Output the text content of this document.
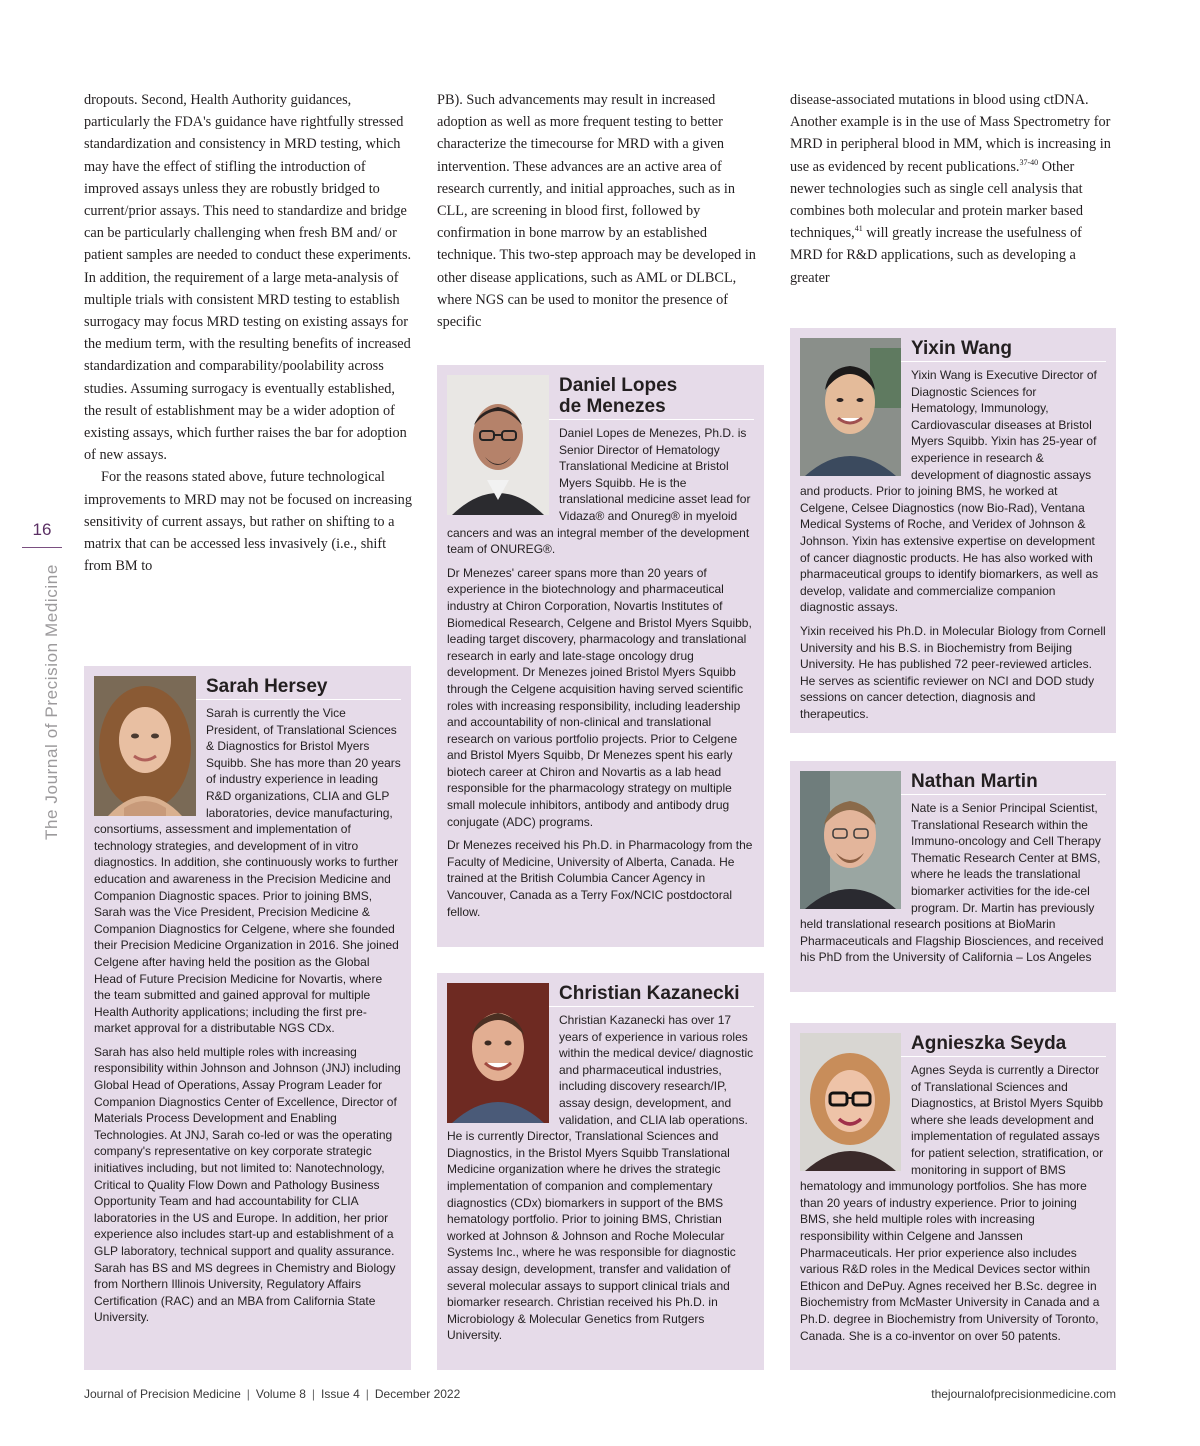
16
The Journal of Precision Medicine

dropouts. Second, Health Authority guidances, particularly the FDA's guidance have rightfully stressed standardization and consistency in MRD testing, which may have the effect of stifling the introduction of improved assays unless they are robustly bridged to current/prior assays. This need to standardize and bridge can be particularly challenging when fresh BM and/ or patient samples are needed to conduct these experiments. In addition, the requirement of a large meta-analysis of multiple trials with consistent MRD testing to establish surrogacy may focus MRD testing on existing assays for the medium term, with the resulting benefits of increased standardization and comparability/poolability across studies. Assuming surrogacy is eventually established, the result of establishment may be a wider adoption of existing assays, which further raises the bar for adoption of new assays.

For the reasons stated above, future technological improvements to MRD may not be focused on increasing sensitivity of current assays, but rather on shifting to a matrix that can be accessed less invasively (i.e., shift from BM to

PB). Such advancements may result in increased adoption as well as more frequent testing to better characterize the timecourse for MRD with a given intervention. These advances are an active area of research currently, and initial approaches, such as in CLL, are screening in blood first, followed by confirmation in bone marrow by an established technique. This two-step approach may be developed in other disease applications, such as AML or DLBCL, where NGS can be used to monitor the presence of specific

disease-associated mutations in blood using ctDNA. Another example is in the use of Mass Spectrometry for MRD in peripheral blood in MM, which is increasing in use as evidenced by recent publications.$^{37-40}$ Other newer technologies such as single cell analysis that combines both molecular and protein marker based techniques,$^{41}$ will greatly increase the usefulness of MRD for R&D applications, such as developing a greater

Sarah Hersey

Sarah is currently the Vice President, of Translational Sciences & Diagnostics for Bristol Myers Squibb. She has more than 20 years of industry experience in leading R&D organizations, CLIA and GLP laboratories, device manufacturing, consortiums, assessment and implementation of technology strategies, and development of in vitro diagnostics. In addition, she continuously works to further education and awareness in the Precision Medicine and Companion Diagnostic spaces. Prior to joining BMS, Sarah was the Vice President, Precision Medicine & Companion Diagnostics for Celgene, where she founded their Precision Medicine Organization in 2016. She joined Celgene after having held the position as the Global Head of Future Precision Medicine for Novartis, where the team submitted and gained approval for multiple Health Authority applications; including the first pre-market approval for a distributable NGS CDx.

Sarah has also held multiple roles with increasing responsibility within Johnson and Johnson (JNJ) including Global Head of Operations, Assay Program Leader for Companion Diagnostics Center of Excellence, Director of Materials Process Development and Enabling Technologies. At JNJ, Sarah co-led or was the operating company's representative on key corporate strategic initiatives including, but not limited to: Nanotechnology, Critical to Quality Flow Down and Pathology Business Opportunity Team and had accountability for CLIA laboratories in the US and Europe. In addition, her prior experience also includes start-up and establishment of a GLP laboratory, technical support and quality assurance. Sarah has BS and MS degrees in Chemistry and Biology from Northern Illinois University, Regulatory Affairs Certification (RAC) and an MBA from California State University.

Daniel Lopes
de Menezes

Daniel Lopes de Menezes, Ph.D. is Senior Director of Hematology Translational Medicine at Bristol Myers Squibb. He is the translational medicine asset lead for Vidaza® and Onureg® in myeloid cancers and was an integral member of the development team of ONUREG®.

Dr Menezes' career spans more than 20 years of experience in the biotechnology and pharmaceutical industry at Chiron Corporation, Novartis Institutes of Biomedical Research, Celgene and Bristol Myers Squibb, leading target discovery, pharmacology and translational research in early and late-stage oncology drug development. Dr Menezes joined Bristol Myers Squibb through the Celgene acquisition having served scientific roles with increasing responsibility, including leadership and accountability of non-clinical and translational research on various portfolio projects. Prior to Celgene and Bristol Myers Squibb, Dr Menezes spent his early biotech career at Chiron and Novartis as a lab head responsible for the pharmacology strategy on multiple small molecule inhibitors, antibody and antibody drug conjugate (ADC) programs.

Dr Menezes received his Ph.D. in Pharmacology from the Faculty of Medicine, University of Alberta, Canada. He trained at the British Columbia Cancer Agency in Vancouver, Canada as a Terry Fox/NCIC postdoctoral fellow.

Christian Kazanecki

Christian Kazanecki has over 17 years of experience in various roles within the medical device/ diagnostic and pharmaceutical industries, including discovery research/IP, assay design, development, and validation, and CLIA lab operations. He is currently Director, Translational Sciences and Diagnostics, in the Bristol Myers Squibb Translational Medicine organization where he drives the strategic implementation of companion and complementary diagnostics (CDx) biomarkers in support of the BMS hematology portfolio. Prior to joining BMS, Christian worked at Johnson & Johnson and Roche Molecular Systems Inc., where he was responsible for diagnostic assay design, development, transfer and validation of several molecular assays to support clinical trials and biomarker research. Christian received his Ph.D. in Microbiology & Molecular Genetics from Rutgers University.

Yixin Wang

Yixin Wang is Executive Director of Diagnostic Sciences for Hematology, Immunology, Cardiovascular diseases at Bristol Myers Squibb. Yixin has 25-year of experience in research & development of diagnostic assays and products. Prior to joining BMS, he worked at Celgene, Celsee Diagnostics (now Bio-Rad), Ventana Medical Systems of Roche, and Veridex of Johnson & Johnson. Yixin has extensive expertise on development of cancer diagnostic products. He has also worked with pharmaceutical groups to identify biomarkers, as well as develop, validate and commercialize companion diagnostic assays.

Yixin received his Ph.D. in Molecular Biology from Cornell University and his B.S. in Biochemistry from Beijing University. He has published 72 peer-reviewed articles. He serves as scientific reviewer on NCI and DOD study sessions on cancer detection, diagnosis and therapeutics.

Nathan Martin

Nate is a Senior Principal Scientist, Translational Research within the Immuno-oncology and Cell Therapy Thematic Research Center at BMS, where he leads the translational biomarker activities for the ide-cel program. Dr. Martin has previously held translational research positions at BioMarin Pharmaceuticals and Flagship Biosciences, and received his PhD from the University of California – Los Angeles

Agnieszka Seyda

Agnes Seyda is currently a Director of Translational Sciences and Diagnostics, at Bristol Myers Squibb where she leads development and implementation of regulated assays for patient selection, stratification, or monitoring in support of BMS hematology and immunology portfolios. She has more than 20 years of industry experience. Prior to joining BMS, she held multiple roles with increasing responsibility within Celgene and Janssen Pharmaceuticals. Her prior experience also includes various R&D roles in the Medical Devices sector within Ethicon and DePuy. Agnes received her B.Sc. degree in Biochemistry from McMaster University in Canada and a Ph.D. degree in Biochemistry from University of Toronto, Canada. She is a co-inventor on over 50 patents.

Journal of Precision Medicine | Volume 8 | Issue 4 | December 2022	thejournalofprecisionmedicine.com
